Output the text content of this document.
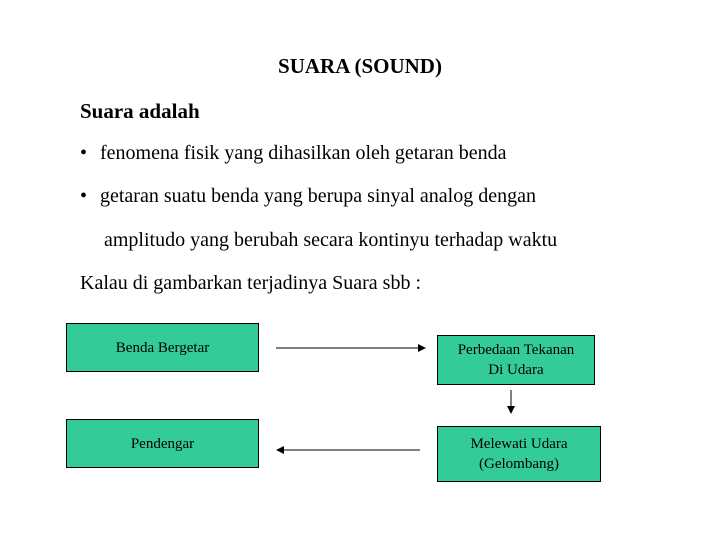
SUARA (SOUND)
Suara adalah
• fenomena fisik yang dihasilkan oleh getaran benda
• getaran suatu benda yang berupa sinyal analog dengan
amplitudo yang berubah secara kontinyu terhadap waktu
Kalau di gambarkan terjadinya Suara sbb :
Benda Bergetar	Perbedaan Tekanan
Di Udara
Melewati Udara
(Gelombang)
Pendengar
